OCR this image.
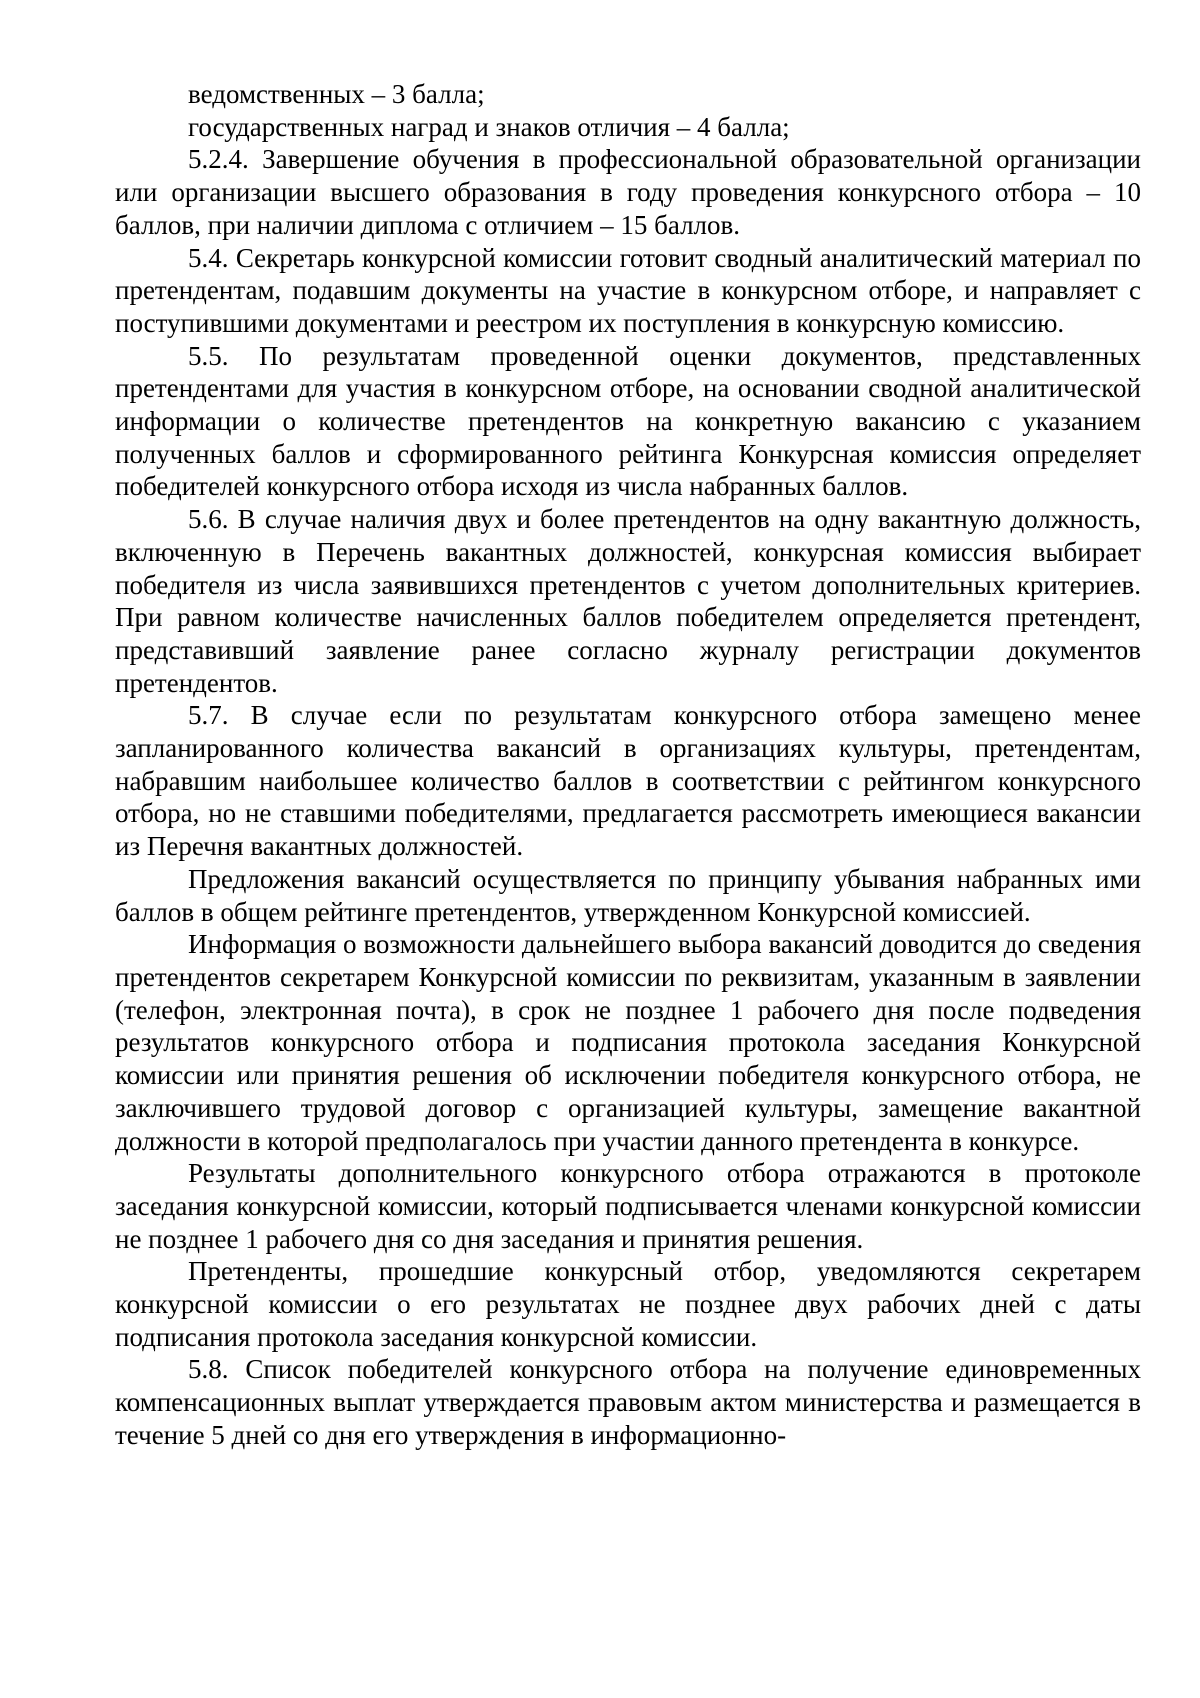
ведомственных – 3 балла;

государственных наград и знаков отличия – 4 балла;

5.2.4. Завершение обучения в профессиональной образовательной организации или организации высшего образования в году проведения конкурсного отбора – 10 баллов, при наличии диплома с отличием – 15 баллов.

5.4. Секретарь конкурсной комиссии готовит сводный аналитический материал по претендентам, подавшим документы на участие в конкурсном отборе, и направляет с поступившими документами и реестром их поступления в конкурсную комиссию.

5.5. По результатам проведенной оценки документов, представленных претендентами для участия в конкурсном отборе, на основании сводной аналитической информации о количестве претендентов на конкретную вакансию с указанием полученных баллов и сформированного рейтинга Конкурсная комиссия определяет победителей конкурсного отбора исходя из числа набранных баллов.

5.6. В случае наличия двух и более претендентов на одну вакантную должность, включенную в Перечень вакантных должностей, конкурсная комиссия выбирает победителя из числа заявившихся претендентов с учетом дополнительных критериев. При равном количестве начисленных баллов победителем определяется претендент, представивший заявление ранее согласно журналу регистрации документов претендентов.

5.7. В случае если по результатам конкурсного отбора замещено менее запланированного количества вакансий в организациях культуры, претендентам, набравшим наибольшее количество баллов в соответствии с рейтингом конкурсного отбора, но не ставшими победителями, предлагается рассмотреть имеющиеся вакансии из Перечня вакантных должностей.

Предложения вакансий осуществляется по принципу убывания набранных ими баллов в общем рейтинге претендентов, утвержденном Конкурсной комиссией.

Информация о возможности дальнейшего выбора вакансий доводится до сведения претендентов секретарем Конкурсной комиссии по реквизитам, указанным в заявлении (телефон, электронная почта), в срок не позднее 1 рабочего дня после подведения результатов конкурсного отбора и подписания протокола заседания Конкурсной комиссии или принятия решения об исключении победителя конкурсного отбора, не заключившего трудовой договор с организацией культуры, замещение вакантной должности в которой предполагалось при участии данного претендента в конкурсе.

Результаты дополнительного конкурсного отбора отражаются в протоколе заседания конкурсной комиссии, который подписывается членами конкурсной комиссии не позднее 1 рабочего дня со дня заседания и принятия решения.

Претенденты, прошедшие конкурсный отбор, уведомляются секретарем конкурсной комиссии о его результатах не позднее двух рабочих дней с даты подписания протокола заседания конкурсной комиссии.

5.8. Список победителей конкурсного отбора на получение единовременных компенсационных выплат утверждается правовым актом министерства и размещается в течение 5 дней со дня его утверждения в информационно-
